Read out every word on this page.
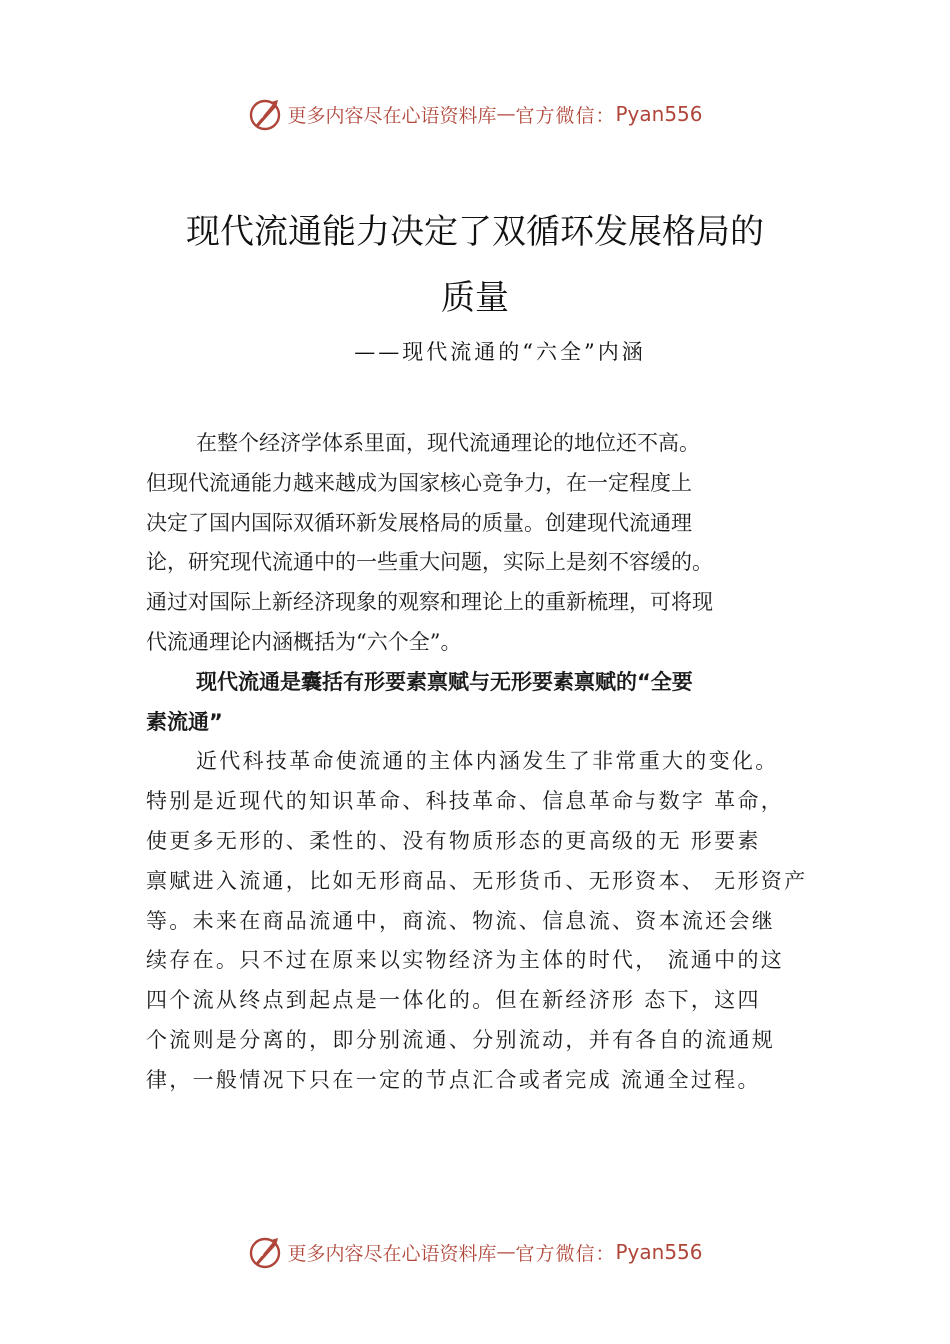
更多内容尽在心语资料库 — 官方微信： Pyan556
现代流通能力决定了双循环发展格局的
质量
——现代流通的“六全”内涵
在整个经济学体系里面，现代流通理论的地位还不高。
但现代流通能力越来越成为国家核心竞争力，在一定程度上
决定了国内国际双循环新发展格局的质量。创建现代流通理
论，研究现代流通中的一些重大问题，实际上是刻不容缓的。
通过对国际上新经济现象的观察和理论上的重新梳理，可将现
代流通理论内涵概括为“六个全”。
现代流通是囊括有形要素禀赋与无形要素禀赋的“全要
素流通”
近代科技革命使流通的主体内涵发生了非常重大的变化。
特别是近现代的知识革命、科技革命、信息革命与数字 革命，
使更多无形的、柔性的、没有物质形态的更高级的无 形要素
禀赋进入流通，比如无形商品、无形货币、无形资本、 无形资产
等。未来在商品流通中，商流、物流、信息流、资本流还会继
续存在。只不过在原来以实物经济为主体的时代， 流通中的这
四个流从终点到起点是一体化的。但在新经济形 态下，这四
个流则是分离的，即分别流通、分别流动，并有各自的流通规
律，一般情况下只在一定的节点汇合或者完成 流通全过程。
更多内容尽在心语资料库 — 官方微信： Pyan556
